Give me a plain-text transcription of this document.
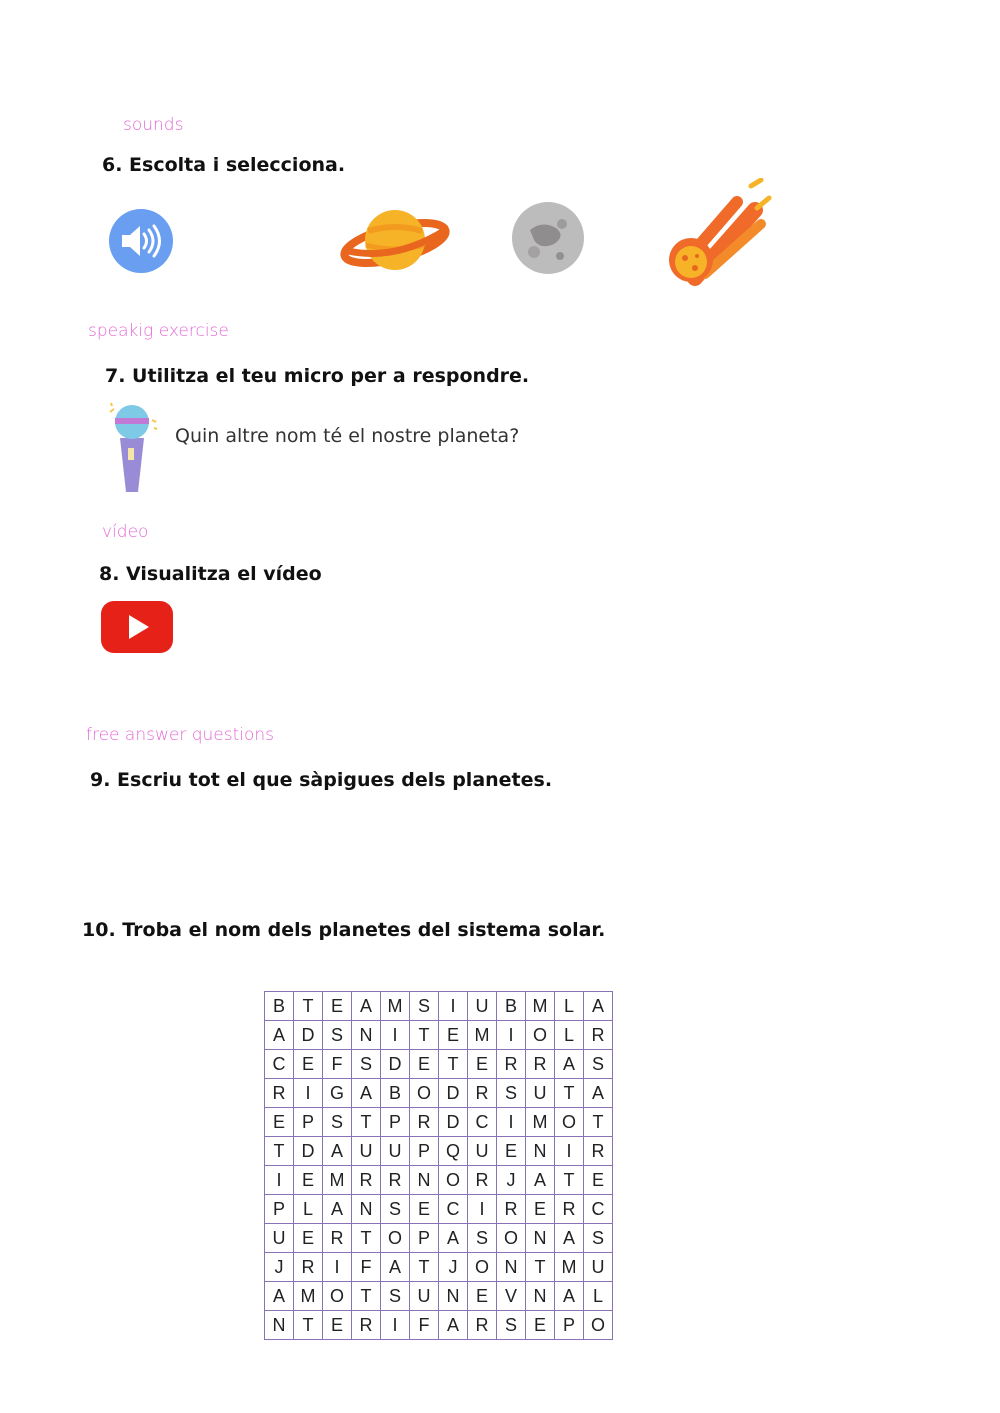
sounds
6. Escolta i selecciona.
speakig exercise
7. Utilitza el teu micro per a respondre.
Quin altre nom té el nostre planeta?
vídeo
8. Visualitza el vídeo
free answer questions
9. Escriu tot el que sàpigues dels planetes.
10. Troba el nom dels planetes del sistema solar.
B	T	E	A	M	S	I	U	B	M	L	A
A	D	S	N	I	T	E	M	I	O	L	R
C	E	F	S	D	E	T	E	R	R	A	S
R	I	G	A	B	O	D	R	S	U	T	A
E	P	S	T	P	R	D	C	I	M	O	T
T	D	A	U	U	P	Q	U	E	N	I	R
I	E	M	R	R	N	O	R	J	A	T	E
P	L	A	N	S	E	C	I	R	E	R	C
U	E	R	T	O	P	A	S	O	N	A	S
J	R	I	F	A	T	J	O	N	T	M	U
A	M	O	T	S	U	N	E	V	N	A	L
N	T	E	R	I	F	A	R	S	E	P	O
